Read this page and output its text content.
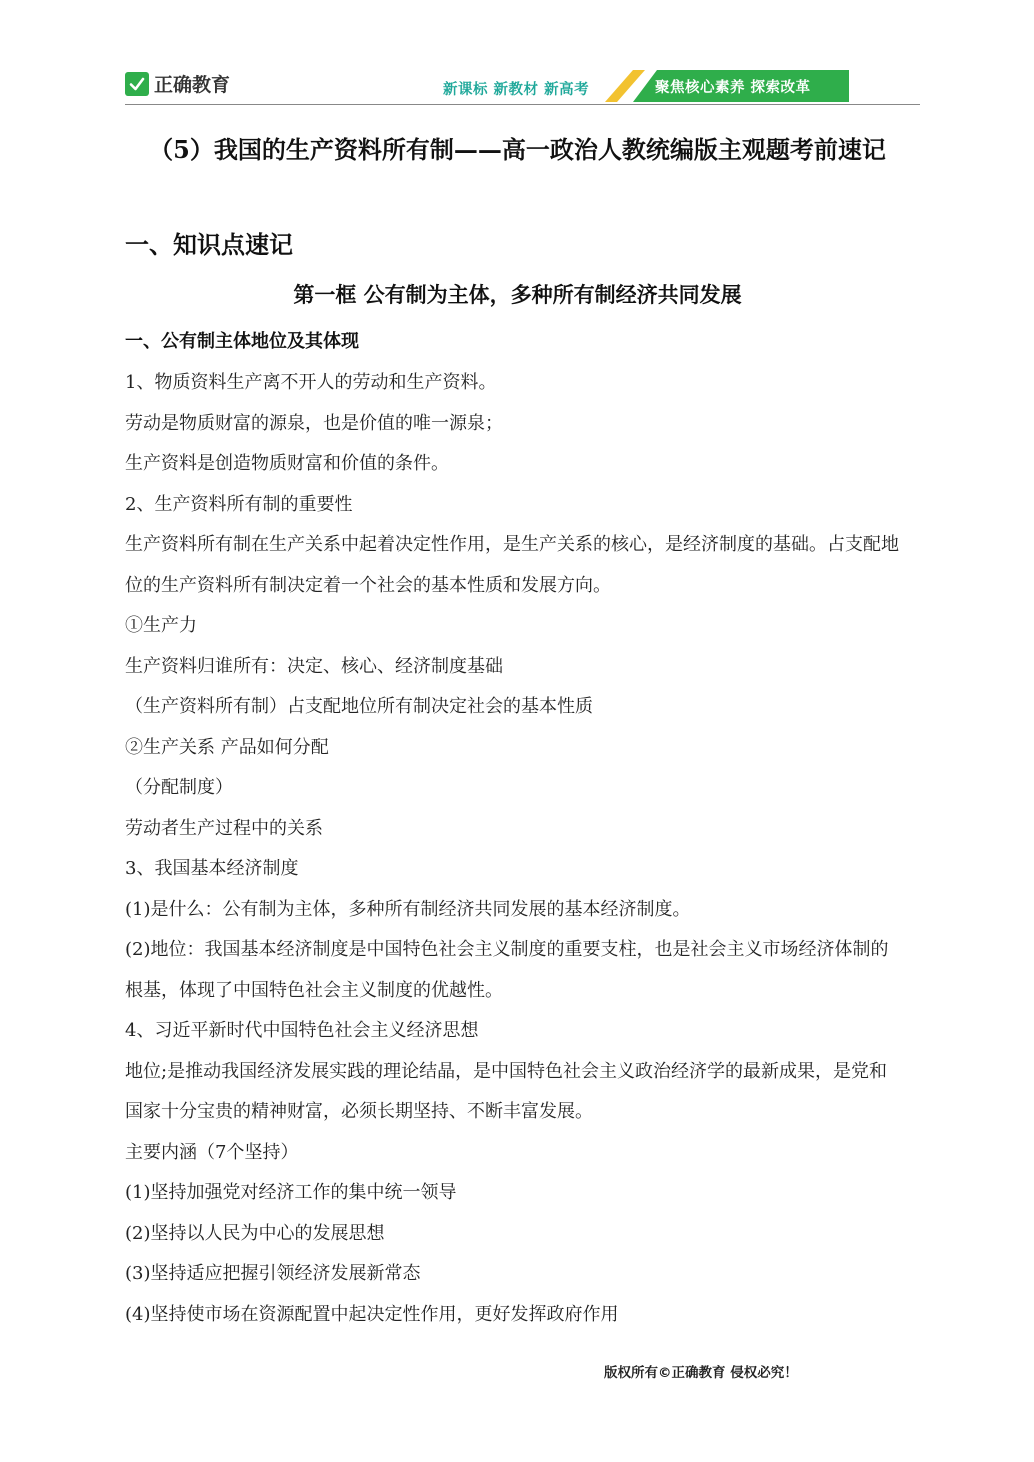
正确教育	新课标 新教材 新高考	聚焦核心素养 探索改革
（5）我国的生产资料所有制——高一政治人教统编版主观题考前速记
一、知识点速记
第一框 公有制为主体，多种所有制经济共同发展
一、公有制主体地位及其体现

1、物质资料生产离不开人的劳动和生产资料。

劳动是物质财富的源泉，也是价值的唯一源泉；

生产资料是创造物质财富和价值的条件。

2、生产资料所有制的重要性

生产资料所有制在生产关系中起着决定性作用，是生产关系的核心，是经济制度的基础。占支配地位的生产资料所有制决定着一个社会的基本性质和发展方向。

①生产力

生产资料归谁所有：决定、核心、经济制度基础

（生产资料所有制）占支配地位所有制决定社会的基本性质

②生产关系 产品如何分配

（分配制度）

劳动者生产过程中的关系

3、我国基本经济制度

(1)是什么：公有制为主体，多种所有制经济共同发展的基本经济制度。

(2)地位：我国基本经济制度是中国特色社会主义制度的重要支柱，也是社会主义市场经济体制的根基，体现了中国特色社会主义制度的优越性。

4、习近平新时代中国特色社会主义经济思想

地位;是推动我国经济发展实践的理论结晶，是中国特色社会主义政治经济学的最新成果，是党和国家十分宝贵的精神财富，必须长期坚持、不断丰富发展。

主要内涵（7个坚持）

(1)坚持加强党对经济工作的集中统一领导

(2)坚持以人民为中心的发展思想

(3)坚持适应把握引领经济发展新常态

(4)坚持使市场在资源配置中起决定性作用，更好发挥政府作用

版权所有©正确教育 侵权必究！
